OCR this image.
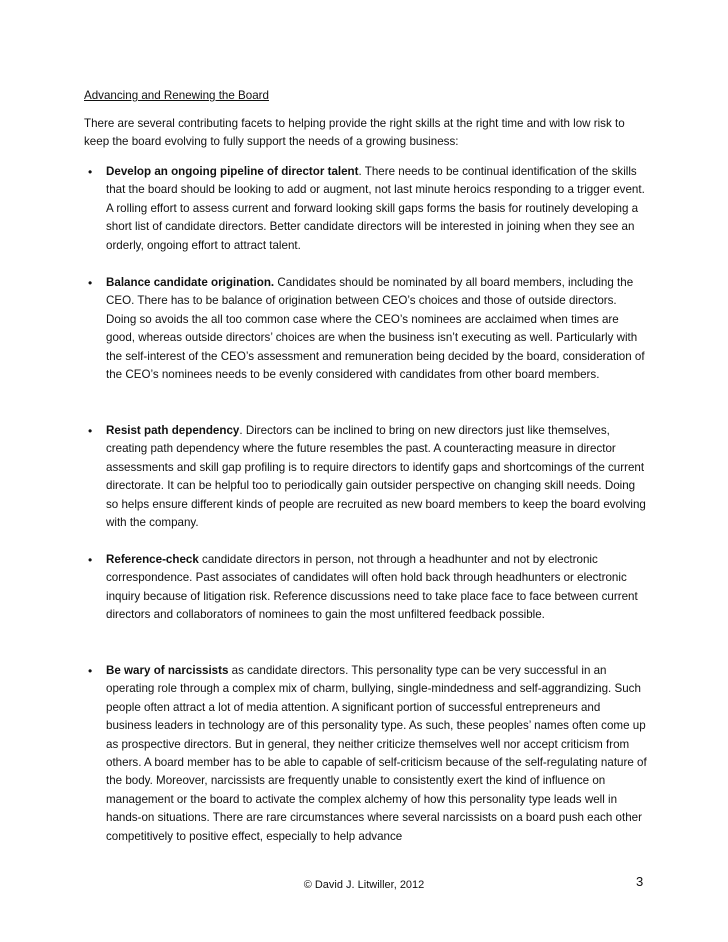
Advancing and Renewing the Board
There are several contributing facets to helping provide the right skills at the right time and with low risk to keep the board evolving to fully support the needs of a growing business:
• Develop an ongoing pipeline of director talent. There needs to be continual identification of the skills that the board should be looking to add or augment, not last minute heroics responding to a trigger event. A rolling effort to assess current and forward looking skill gaps forms the basis for routinely developing a short list of candidate directors. Better candidate directors will be interested in joining when they see an orderly, ongoing effort to attract talent.
• Balance candidate origination. Candidates should be nominated by all board members, including the CEO. There has to be balance of origination between CEO’s choices and those of outside directors. Doing so avoids the all too common case where the CEO’s nominees are acclaimed when times are good, whereas outside directors’ choices are when the business isn’t executing as well. Particularly with the self-interest of the CEO’s assessment and remuneration being decided by the board, consideration of the CEO’s nominees needs to be evenly considered with candidates from other board members.
• Resist path dependency. Directors can be inclined to bring on new directors just like themselves, creating path dependency where the future resembles the past. A counteracting measure in director assessments and skill gap profiling is to require directors to identify gaps and shortcomings of the current directorate. It can be helpful too to periodically gain outsider perspective on changing skill needs. Doing so helps ensure different kinds of people are recruited as new board members to keep the board evolving with the company.
• Reference-check candidate directors in person, not through a headhunter and not by electronic correspondence. Past associates of candidates will often hold back through headhunters or electronic inquiry because of litigation risk. Reference discussions need to take place face to face between current directors and collaborators of nominees to gain the most unfiltered feedback possible.
• Be wary of narcissists as candidate directors. This personality type can be very successful in an operating role through a complex mix of charm, bullying, single-mindedness and self-aggrandizing. Such people often attract a lot of media attention. A significant portion of successful entrepreneurs and business leaders in technology are of this personality type. As such, these peoples’ names often come up as prospective directors. But in general, they neither criticize themselves well nor accept criticism from others. A board member has to be able to capable of self-criticism because of the self-regulating nature of the body. Moreover, narcissists are frequently unable to consistently exert the kind of influence on management or the board to activate the complex alchemy of how this personality type leads well in hands-on situations. There are rare circumstances where several narcissists on a board push each other competitively to positive effect, especially to help advance
© David J. Litwiller, 2012	3
